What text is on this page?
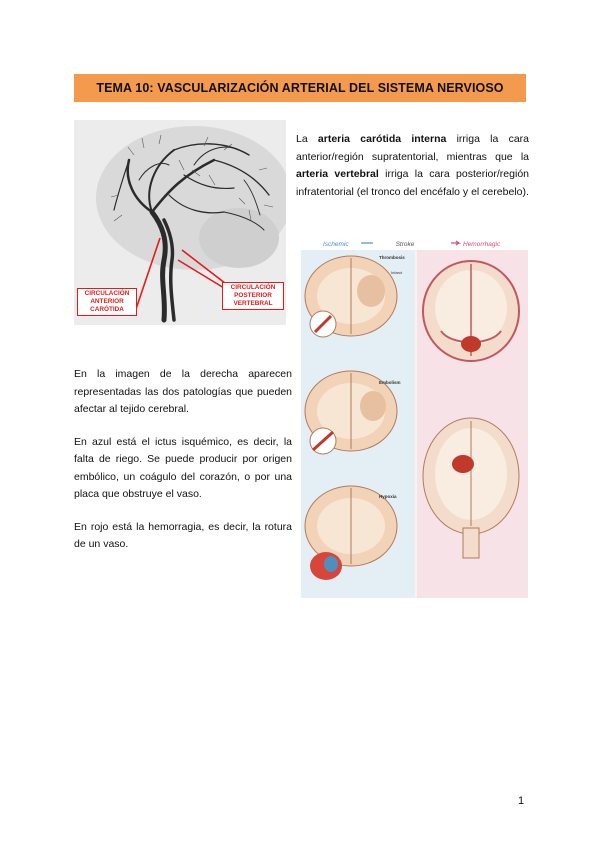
TEMA 10: VASCULARIZACIÓN ARTERIAL DEL SISTEMA NERVIOSO
CIRCULACIÓN ANTERIOR CARÓTIDA
CIRCULACIÓN POSTERIOR VERTEBRAL
La arteria carótida interna irriga la cara anterior/región supratentorial, mientras que la arteria vertebral irriga la cara posterior/región infratentorial (el tronco del encéfalo y el cerebelo).

En la imagen de la derecha aparecen representadas las dos patologías que pueden afectar al tejido cerebral.

En azul está el ictus isquémico, es decir, la falta de riego. Se puede producir por origen embólico, un coágulo del corazón, o por una placa que obstruye el vaso.

En rojo está la hemorragia, es decir, la rotura de un vaso.

Ischemic	Stroke	Hemorrhagic
Thrombosis
Infarct
Embolism
Hypoxia
1
